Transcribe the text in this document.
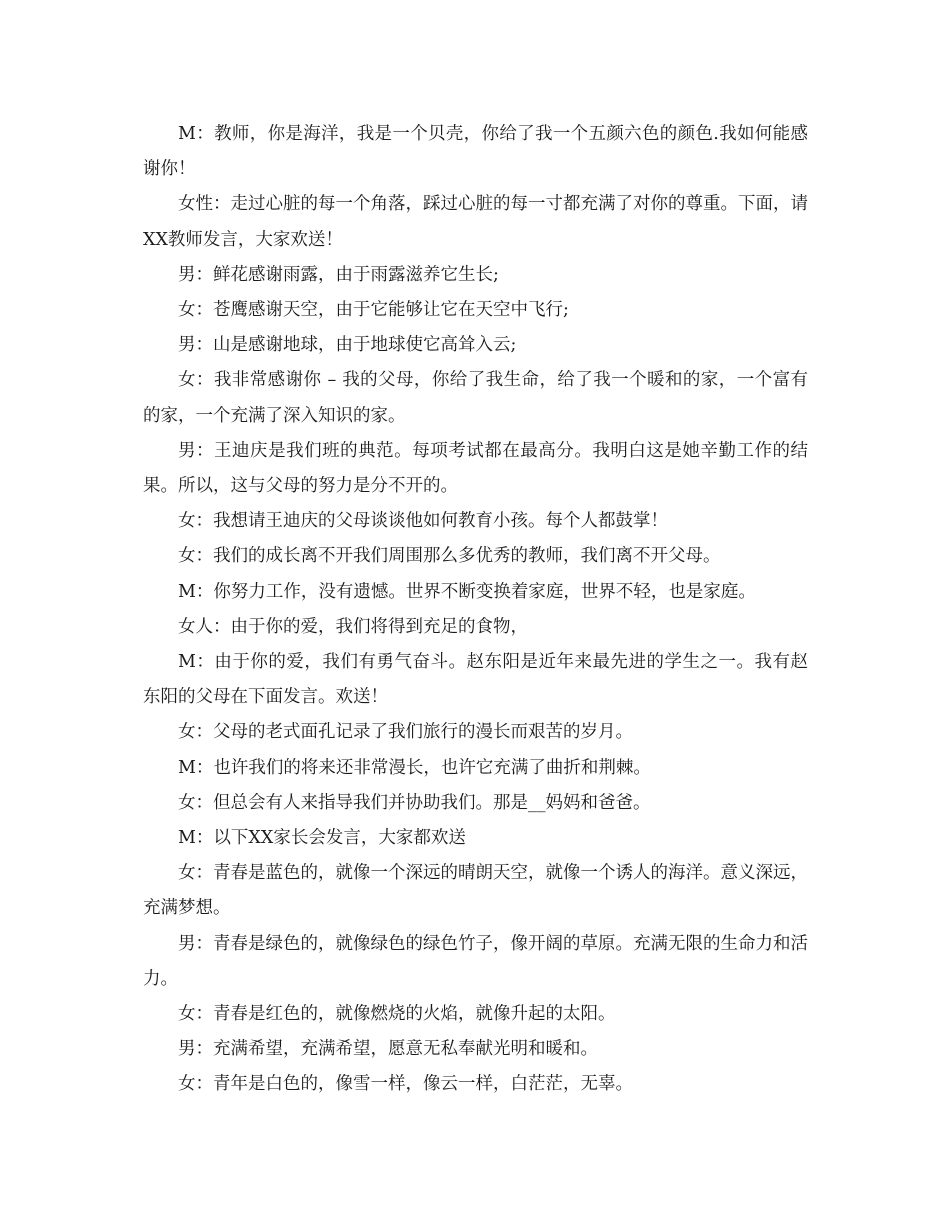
M：教师，你是海洋，我是一个贝壳，你给了我一个五颜六色的颜色.我如何能感谢你！

女性：走过心脏的每一个角落，踩过心脏的每一寸都充满了对你的尊重。下面，请XX教师发言，大家欢送！

男：鲜花感谢雨露，由于雨露滋养它生长;

女：苍鹰感谢天空，由于它能够让它在天空中飞行;

男：山是感谢地球，由于地球使它高耸入云;

女：我非常感谢你 – 我的父母，你给了我生命，给了我一个暖和的家，一个富有的家，一个充满了深入知识的家。

男：王迪庆是我们班的典范。每项考试都在最高分。我明白这是她辛勤工作的结果。所以，这与父母的努力是分不开的。

女：我想请王迪庆的父母谈谈他如何教育小孩。每个人都鼓掌！

女：我们的成长离不开我们周围那么多优秀的教师，我们离不开父母。

M：你努力工作，没有遗憾。世界不断变换着家庭，世界不轻，也是家庭。

女人：由于你的爱，我们将得到充足的食物，

M：由于你的爱，我们有勇气奋斗。赵东阳是近年来最先进的学生之一。我有赵东阳的父母在下面发言。欢送！

女：父母的老式面孔记录了我们旅行的漫长而艰苦的岁月。

M：也许我们的将来还非常漫长，也许它充满了曲折和荆棘。

女：但总会有人来指导我们并协助我们。那是__妈妈和爸爸。

M：以下XX家长会发言，大家都欢送

女：青春是蓝色的，就像一个深远的晴朗天空，就像一个诱人的海洋。意义深远，充满梦想。

男：青春是绿色的，就像绿色的绿色竹子，像开阔的草原。充满无限的生命力和活力。

女：青春是红色的，就像燃烧的火焰，就像升起的太阳。

男：充满希望，充满希望，愿意无私奉献光明和暖和。

女：青年是白色的，像雪一样，像云一样，白茫茫，无辜。
